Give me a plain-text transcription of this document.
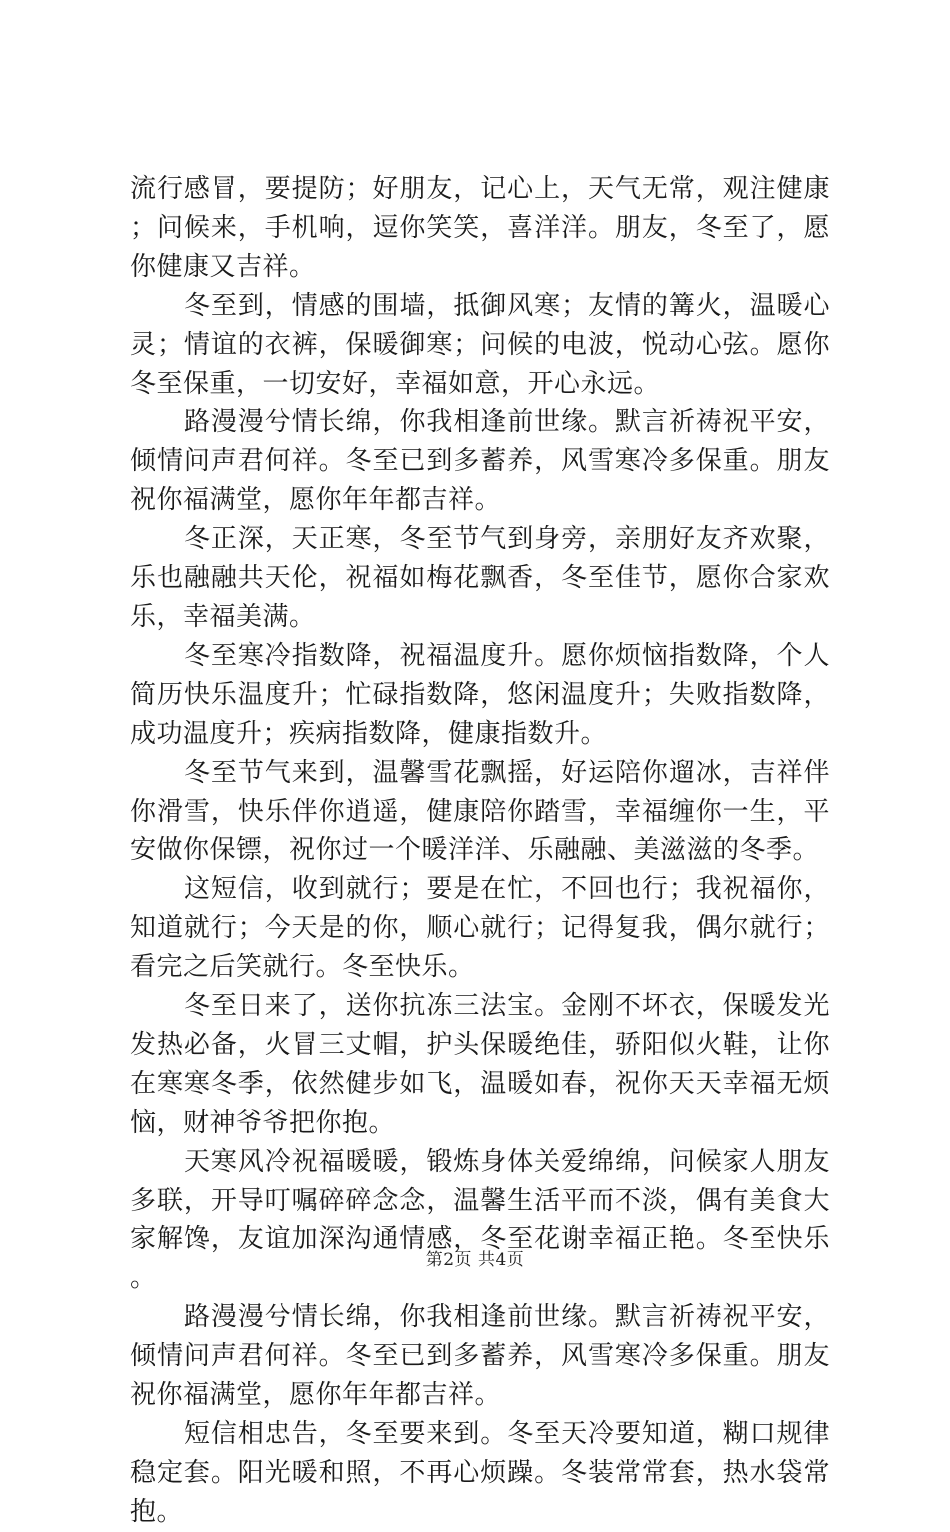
流行感冒，要提防；好朋友，记心上，天气无常，观注健康；问候来，手机响，逗你笑笑，喜洋洋。朋友，冬至了，愿你健康又吉祥。

冬至到，情感的围墙，抵御风寒；友情的篝火，温暖心灵；情谊的衣裤，保暖御寒；问候的电波，悦动心弦。愿你冬至保重，一切安好，幸福如意，开心永远。

路漫漫兮情长绵，你我相逢前世缘。默言祈祷祝平安，倾情问声君何祥。冬至已到多蓄养，风雪寒冷多保重。朋友祝你福满堂，愿你年年都吉祥。

冬正深，天正寒，冬至节气到身旁，亲朋好友齐欢聚，乐也融融共天伦，祝福如梅花飘香，冬至佳节，愿你合家欢乐，幸福美满。

冬至寒冷指数降，祝福温度升。愿你烦恼指数降，个人简历快乐温度升；忙碌指数降，悠闲温度升；失败指数降，成功温度升；疾病指数降，健康指数升。

冬至节气来到，温馨雪花飘摇，好运陪你遛冰，吉祥伴你滑雪，快乐伴你逍遥，健康陪你踏雪，幸福缠你一生，平安做你保镖，祝你过一个暖洋洋、乐融融、美滋滋的冬季。

这短信，收到就行；要是在忙，不回也行；我祝福你，知道就行；今天是的你，顺心就行；记得复我，偶尔就行；看完之后笑就行。冬至快乐。

冬至日来了，送你抗冻三法宝。金刚不坏衣，保暖发光发热必备，火冒三丈帽，护头保暖绝佳，骄阳似火鞋，让你在寒寒冬季，依然健步如飞，温暖如春，祝你天天幸福无烦恼，财神爷爷把你抱。

天寒风冷祝福暖暖，锻炼身体关爱绵绵，问候家人朋友多联，开导叮嘱碎碎念念，温馨生活平而不淡，偶有美食大家解馋，友谊加深沟通情感，冬至花谢幸福正艳。冬至快乐。

路漫漫兮情长绵，你我相逢前世缘。默言祈祷祝平安，倾情问声君何祥。冬至已到多蓄养，风雪寒冷多保重。朋友祝你福满堂，愿你年年都吉祥。

短信相忠告，冬至要来到。冬至天冷要知道，糊口规律稳定套。阳光暖和照，不再心烦躁。冬装常常套，热水袋常抱。

第2页 共4页
